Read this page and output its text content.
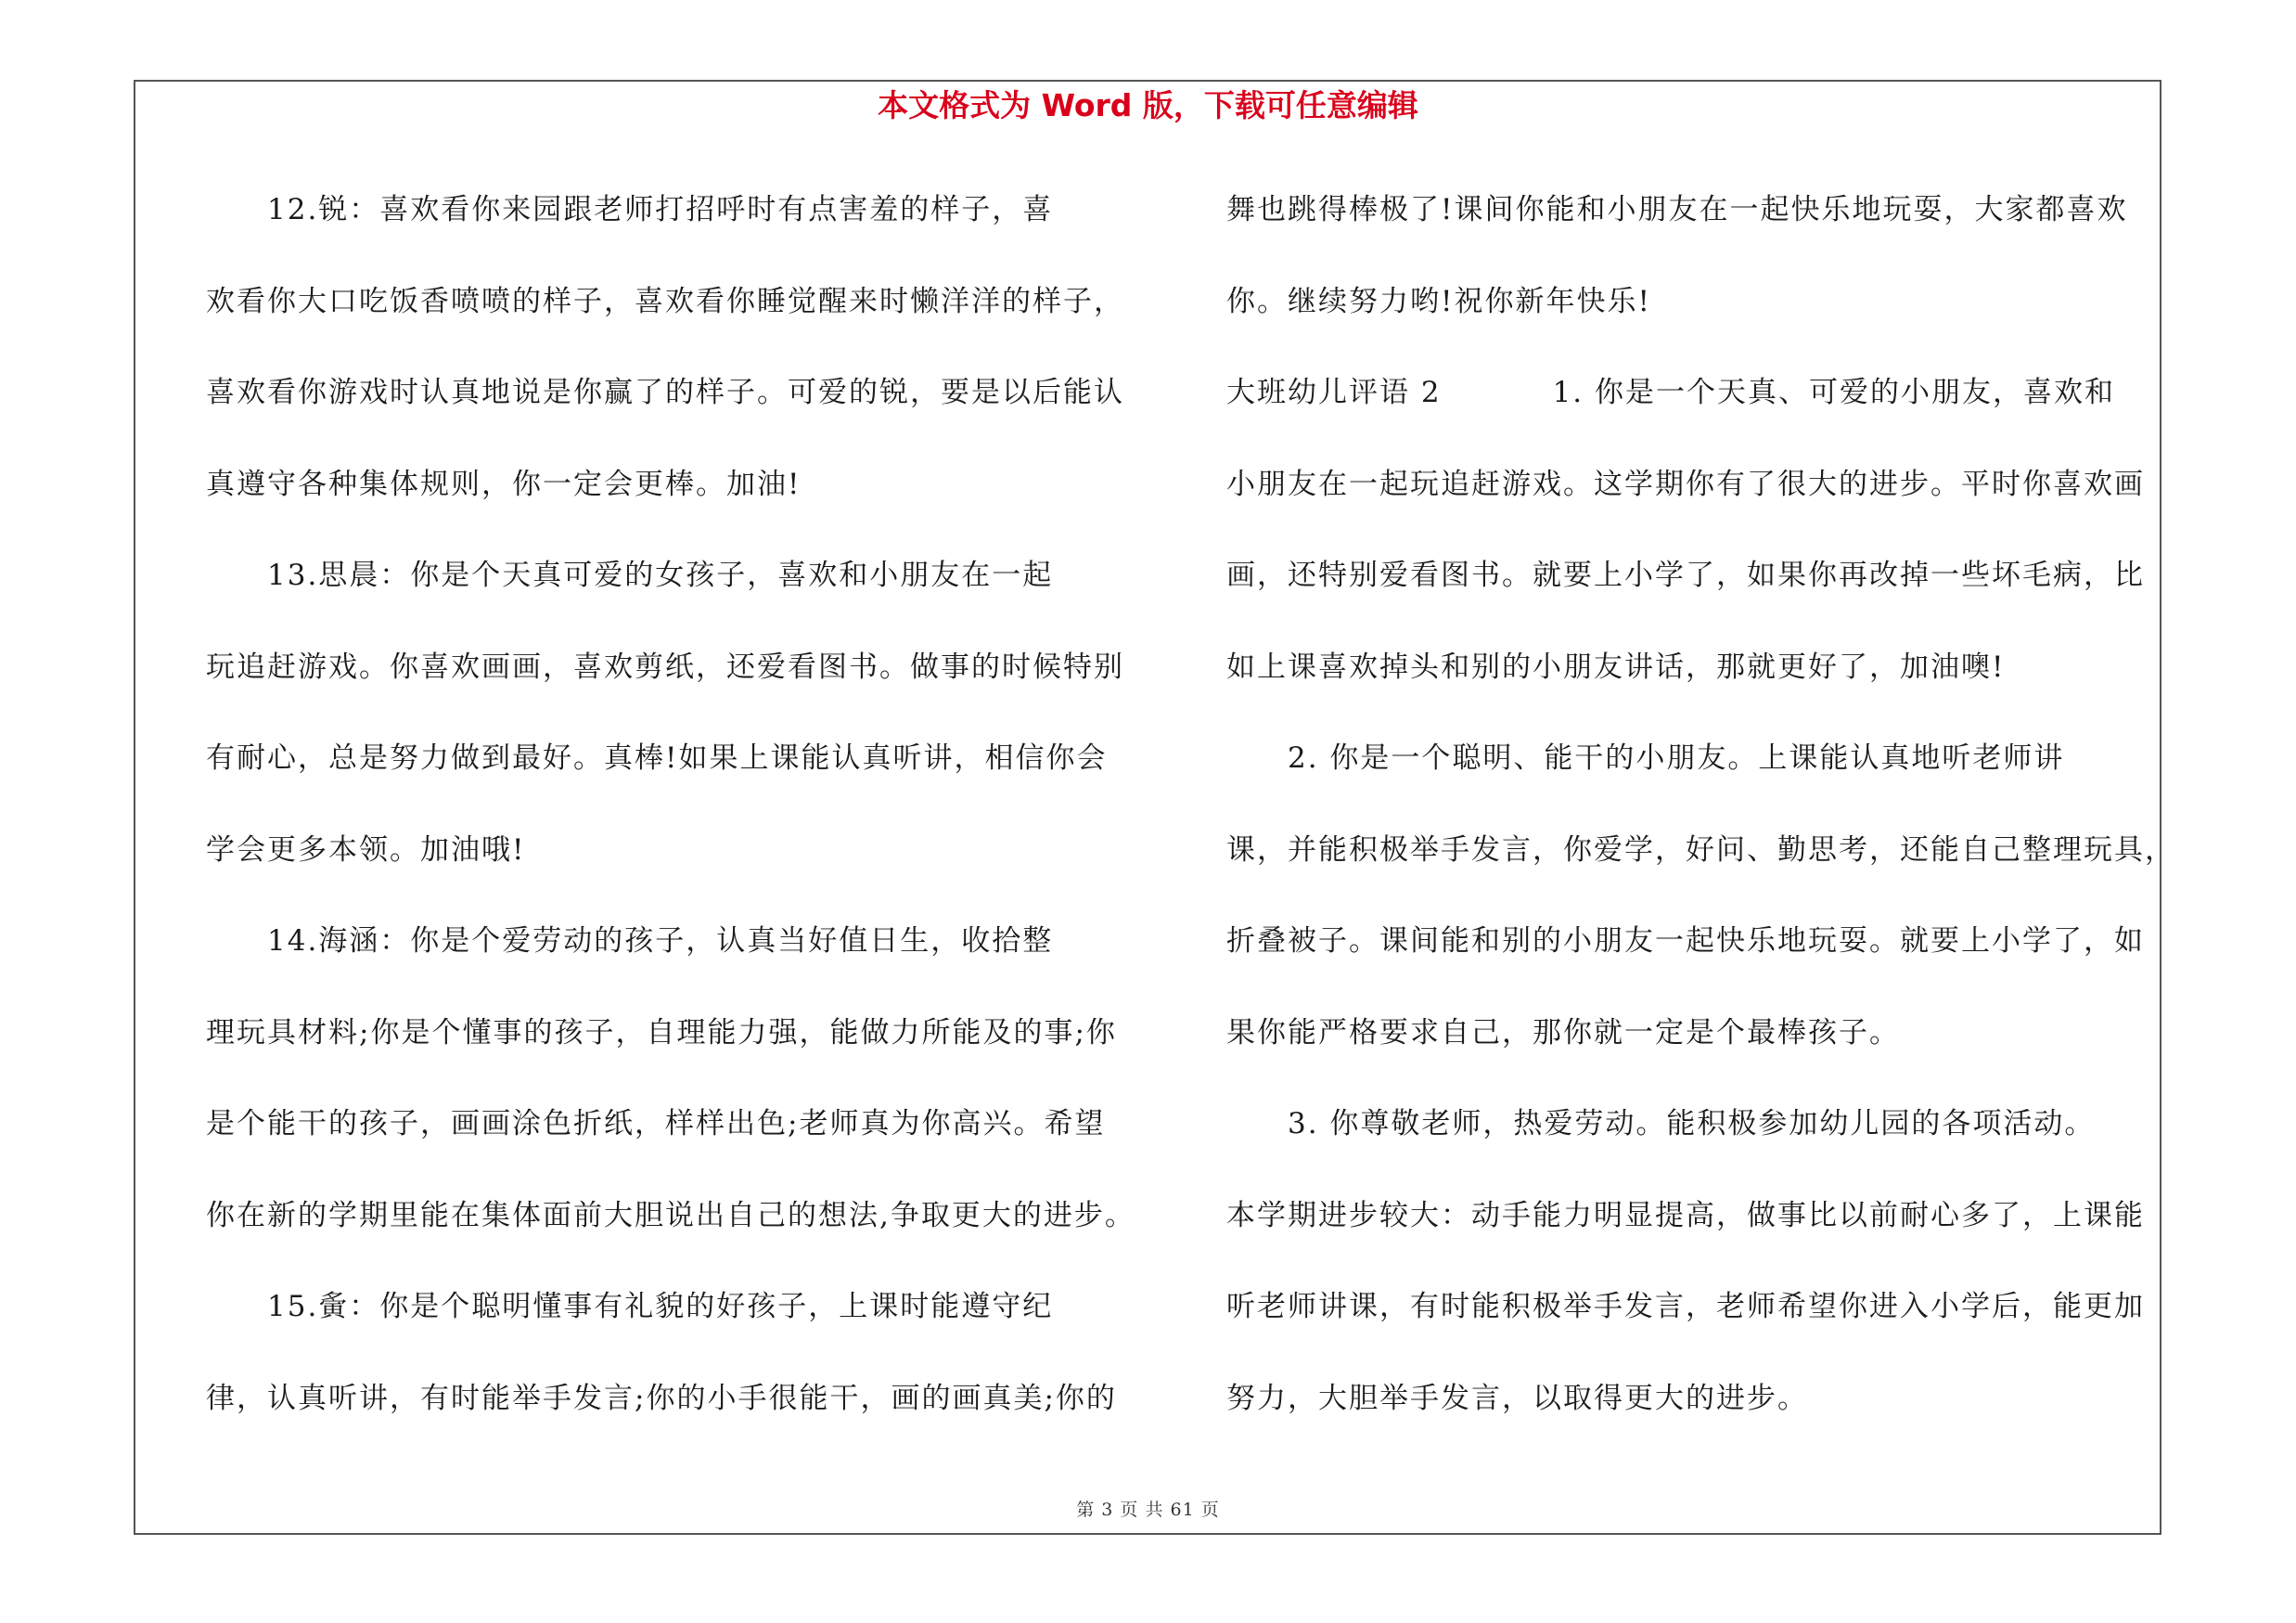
本文格式为 Word 版，下载可任意编辑
　　12.锐：喜欢看你来园跟老师打招呼时有点害羞的样子，喜
欢看你大口吃饭香喷喷的样子，喜欢看你睡觉醒来时懒洋洋的样子，
喜欢看你游戏时认真地说是你赢了的样子。可爱的锐，要是以后能认
真遵守各种集体规则，你一定会更棒。加油!
　　13.思晨：你是个天真可爱的女孩子，喜欢和小朋友在一起
玩追赶游戏。你喜欢画画，喜欢剪纸，还爱看图书。做事的时候特别
有耐心，总是努力做到最好。真棒!如果上课能认真听讲，相信你会
学会更多本领。加油哦!
　　14.海涵：你是个爱劳动的孩子，认真当好值日生，收拾整
理玩具材料;你是个懂事的孩子，自理能力强，能做力所能及的事;你
是个能干的孩子，画画涂色折纸，样样出色;老师真为你高兴。希望
你在新的学期里能在集体面前大胆说出自己的想法,争取更大的进步。
　　15.夤：你是个聪明懂事有礼貌的好孩子，上课时能遵守纪
律，认真听讲，有时能举手发言;你的小手很能干，画的画真美;你的
舞也跳得棒极了!课间你能和小朋友在一起快乐地玩耍，大家都喜欢
你。继续努力哟!祝你新年快乐!
大班幼儿评语 2	1. 你是一个天真、可爱的小朋友，喜欢和
小朋友在一起玩追赶游戏。这学期你有了很大的进步。平时你喜欢画
画，还特别爱看图书。就要上小学了，如果你再改掉一些坏毛病，比
如上课喜欢掉头和别的小朋友讲话，那就更好了，加油噢!
　　2. 你是一个聪明、能干的小朋友。上课能认真地听老师讲
课，并能积极举手发言，你爱学，好问、勤思考，还能自己整理玩具，
折叠被子。课间能和别的小朋友一起快乐地玩耍。就要上小学了，如
果你能严格要求自己，那你就一定是个最棒孩子。
　　3. 你尊敬老师，热爱劳动。能积极参加幼儿园的各项活动。
本学期进步较大：动手能力明显提高，做事比以前耐心多了，上课能
听老师讲课，有时能积极举手发言，老师希望你进入小学后，能更加
努力，大胆举手发言，以取得更大的进步。
第 3 页 共 61 页
